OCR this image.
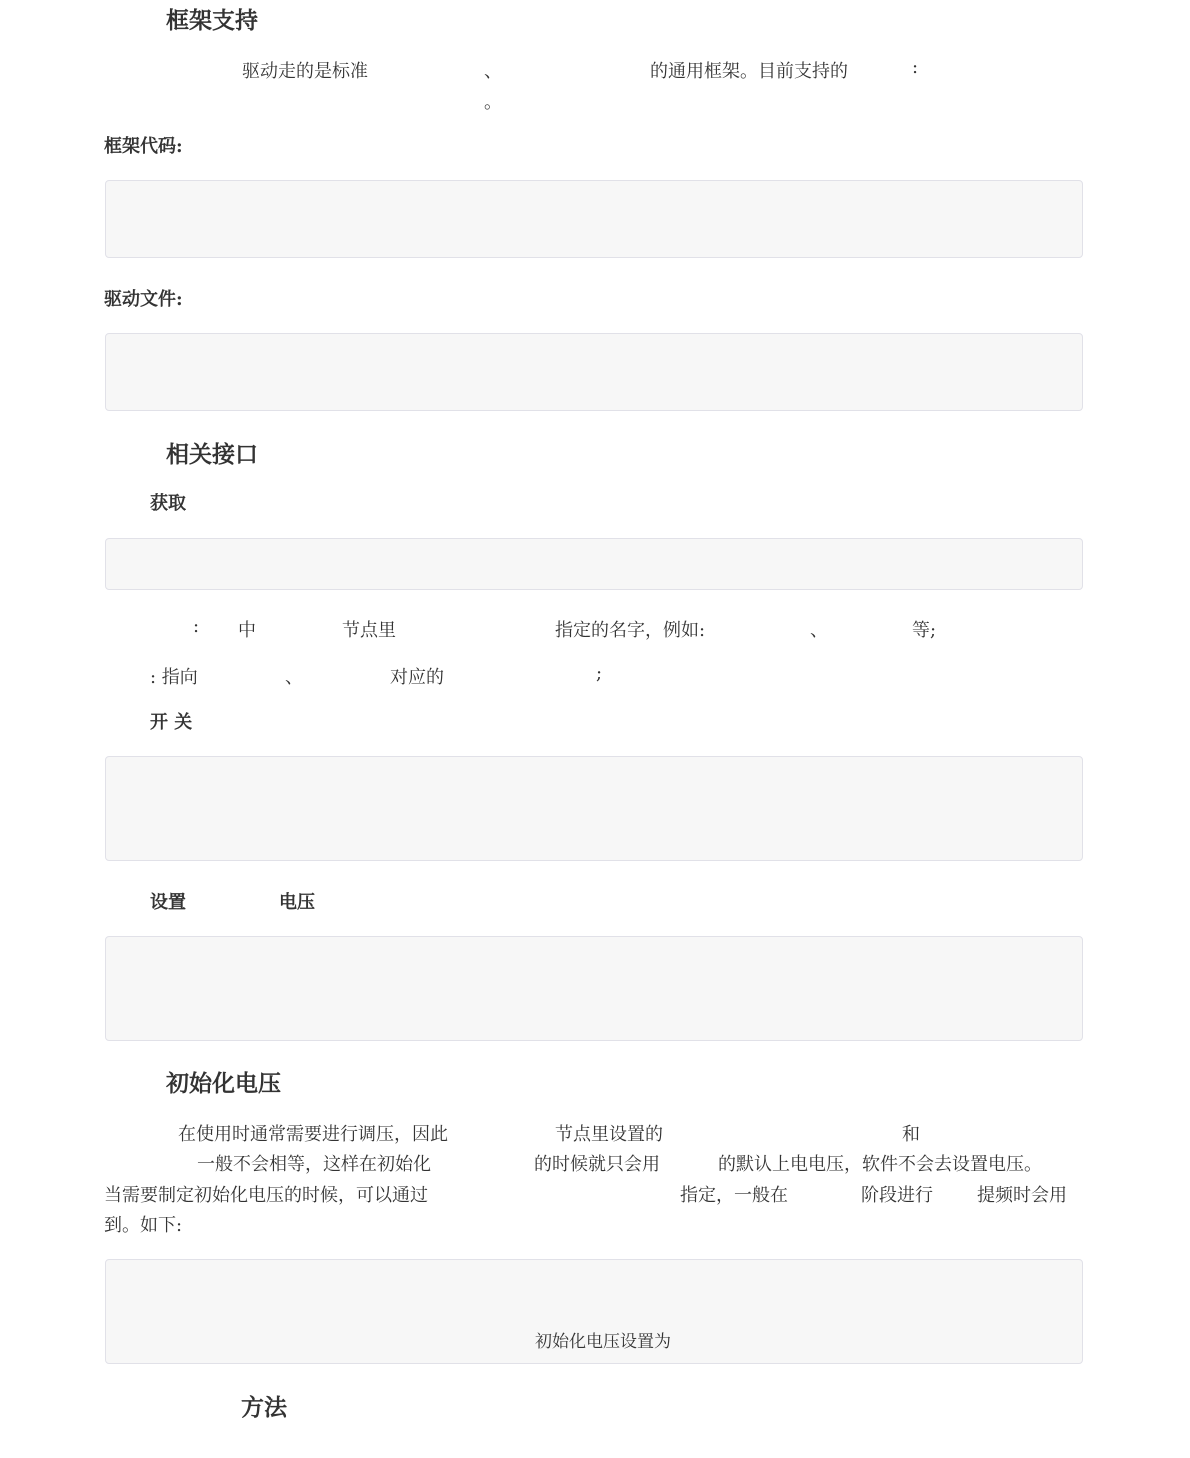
框架支持
驱动走的是标准	、	的通用框架。目前支持的	:
。
框架代码:
驱动文件:
相关接口
获取
: 中	节点里	指定的名字，例如:	、	等;
: 指向	、	对应的	;
开 关
设置	电压
初始化电压
在使用时通常需要进行调压，因此	节点里设置的	和
一般不会相等，这样在初始化	的时候就只会用	的默认上电电压，软件不会去设置电压。
当需要制定初始化电压的时候，可以通过	指定，一般在	阶段进行 提频时会用
到。如下:
初始化电压设置为
方法
